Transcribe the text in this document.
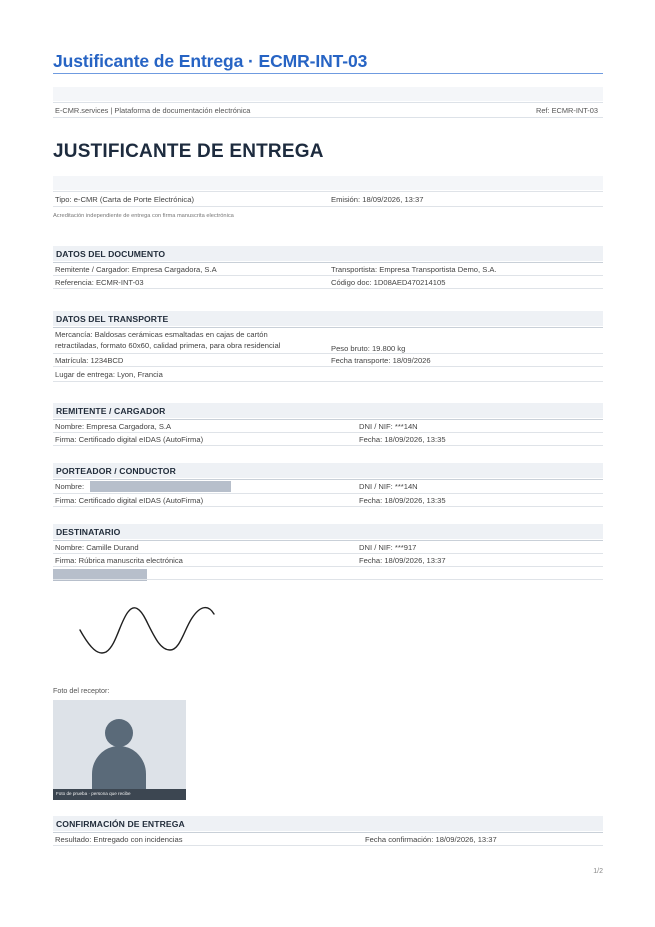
Justificante de Entrega · ECMR-INT-03
E-CMR.services | Plataforma de documentación electrónica	Ref: ECMR-INT-03
JUSTIFICANTE DE ENTREGA
Tipo: e-CMR (Carta de Porte Electrónica)	Emisión: 18/09/2026, 13:37
Acreditación independiente de entrega con firma manuscrita electrónica
DATOS DEL DOCUMENTO
Remitente / Cargador: Empresa Cargadora, S.A	Transportista: Empresa Transportista Demo, S.A.
Referencia: ECMR-INT-03	Código doc: 1D08AED470214105
DATOS DEL TRANSPORTE
Mercancía: Baldosas cerámicas esmaltadas en cajas de cartón
retractiladas, formato 60x60, calidad primera, para obra residencial	Peso bruto: 19.800 kg
Matrícula: 1234BCD	Fecha transporte: 18/09/2026
Lugar de entrega: Lyon, Francia
REMITENTE / CARGADOR
Nombre: Empresa Cargadora, S.A	DNI / NIF: ***14N
Firma: Certificado digital eIDAS (AutoFirma)	Fecha: 18/09/2026, 13:35
PORTEADOR / CONDUCTOR
Nombre:	DNI / NIF: ***14N
Firma: Certificado digital eIDAS (AutoFirma)	Fecha: 18/09/2026, 13:35
DESTINATARIO
Nombre: Camille Durand	DNI / NIF: ***917
Firma: Rúbrica manuscrita electrónica	Fecha: 18/09/2026, 13:37
Foto del receptor:
Foto de prueba · persona que recibe
CONFIRMACIÓN DE ENTREGA
Resultado: Entregado con incidencias	Fecha confirmación: 18/09/2026, 13:37
1/2
